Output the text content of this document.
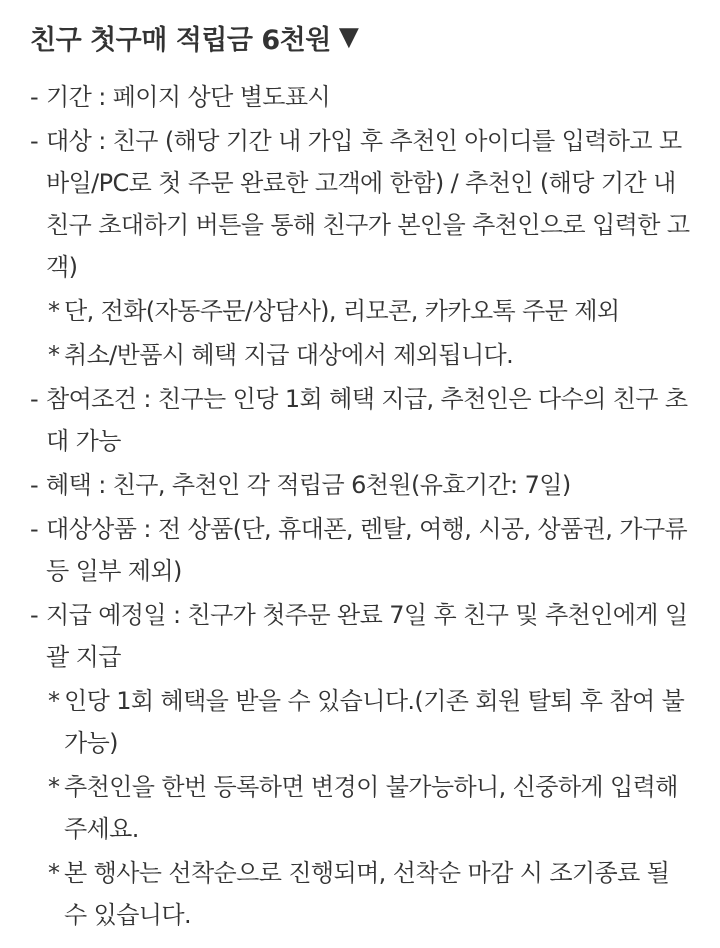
친구 첫구매 적립금 6천원 ▼
- 기간 : 페이지 상단 별도표시
- 대상 : 친구 (해당 기간 내 가입 후 추천인 아이디를 입력하고 모바일/PC로 첫 주문 완료한 고객에 한함) / 추천인 (해당 기간 내 친구 초대하기 버튼을 통해 친구가 본인을 추천인으로 입력한 고객)
* 단, 전화(자동주문/상담사), 리모콘, 카카오톡 주문 제외
* 취소/반품시 혜택 지급 대상에서 제외됩니다.
- 참여조건 : 친구는 인당 1회 혜택 지급, 추천인은 다수의 친구 초대 가능
- 혜택 : 친구, 추천인 각 적립금 6천원(유효기간: 7일)
- 대상상품 : 전 상품(단, 휴대폰, 렌탈, 여행, 시공, 상품권, 가구류 등 일부 제외)
- 지급 예정일 : 친구가 첫주문 완료 7일 후 친구 및 추천인에게 일괄 지급
* 인당 1회 혜택을 받을 수 있습니다.(기존 회원 탈퇴 후 참여 불가능)
* 추천인을 한번 등록하면 변경이 불가능하니, 신중하게 입력해 주세요.
* 본 행사는 선착순으로 진행되며, 선착순 마감 시 조기종료 될 수 있습니다.
